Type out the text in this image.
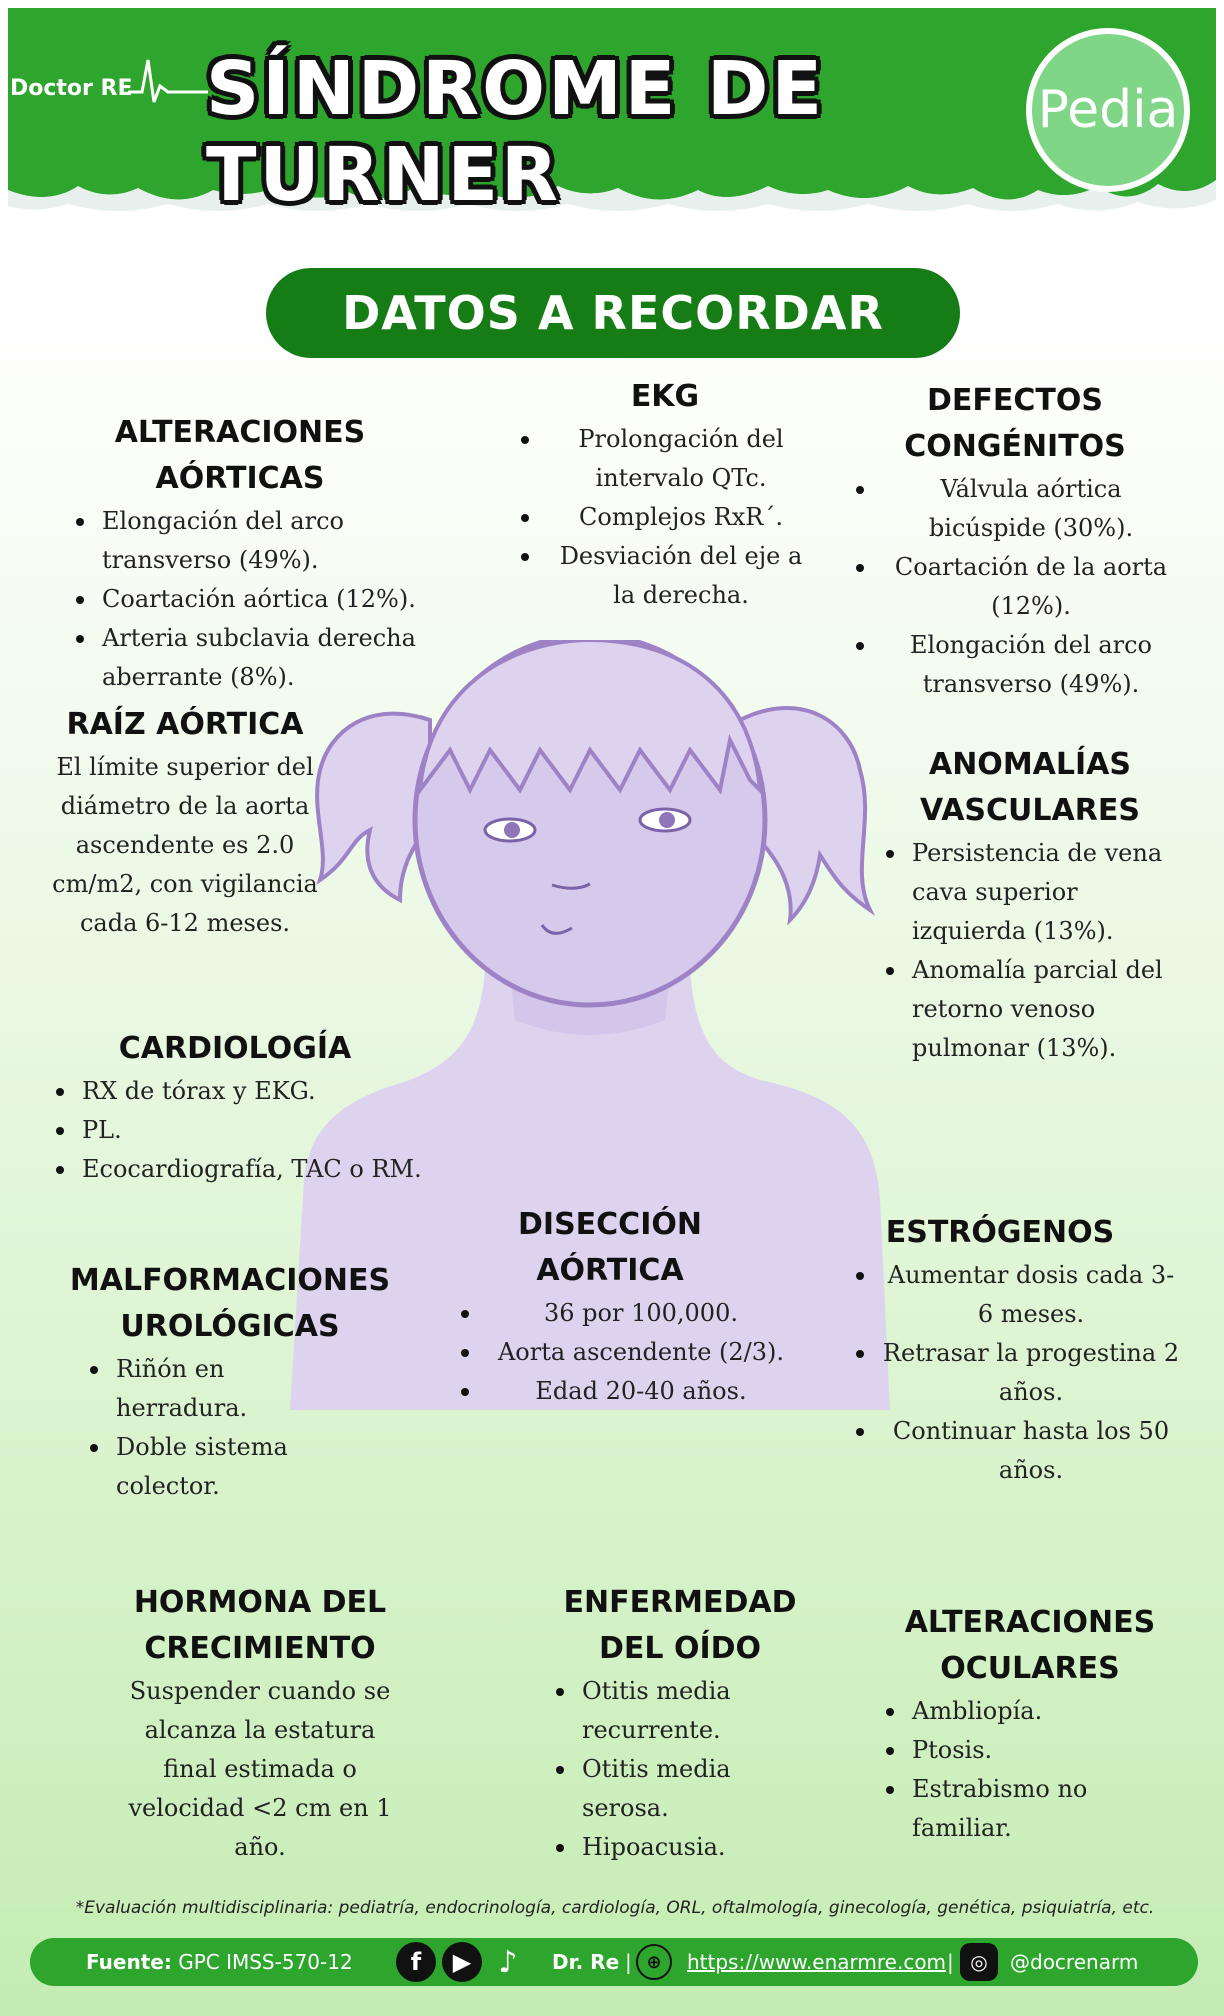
Doctor RE SÍNDROME DE TURNER
Pedia
DATOS A RECORDAR
ALTERACIONES AÓRTICAS
Elongación del arco transverso (49%).
Coartación aórtica (12%).
Arteria subclavia derecha aberrante (8%).
EKG
Prolongación del intervalo QTc.
Complejos RxR´.
Desviación del eje a la derecha.
DEFECTOS
CONGÉNITOS
Válvula aórtica bicúspide (30%).
Coartación de la aorta (12%).
Elongación del arco transverso (49%).
RAÍZ AÓRTICA
El límite superior del diámetro de la aorta ascendente es 2.0 cm/m2, con vigilancia cada 6-12 meses.
ANOMALÍAS
VASCULARES
Persistencia de vena cava superior izquierda (13%).
Anomalía parcial del retorno venoso pulmonar (13%).
CARDIOLOGÍA
RX de tórax y EKG.
PL.
Ecocardiografía, TAC o RM.
DISECCIÓN
AÓRTICA
36 por 100,000.
Aorta ascendente (2/3).
Edad 20-40 años.
ESTRÓGENOS
Aumentar dosis cada 3-6 meses.
Retrasar la progestina 2 años.
Continuar hasta los 50 años.
MALFORMACIONES
UROLÓGICAS
Riñón en herradura.
Doble sistema colector.
HORMONA DEL
CRECIMIENTO
Suspender cuando se alcanza la estatura final estimada o velocidad <2 cm en 1 año.
ENFERMEDAD
DEL OÍDO
Otitis media recurrente.
Otitis media serosa.
Hipoacusia.
ALTERACIONES
OCULARES
Ambliopía.
Ptosis.
Estrabismo no familiar.
*Evaluación multidisciplinaria: pediatría, endocrinología, cardiología, ORL, oftalmología, ginecología, genética, psiquiatría, etc.
Fuente: GPC IMSS-570-12	f	▶ ♪	Dr. Re | ⊕	https://www.enarmre.com | ◎	@docrenarm
